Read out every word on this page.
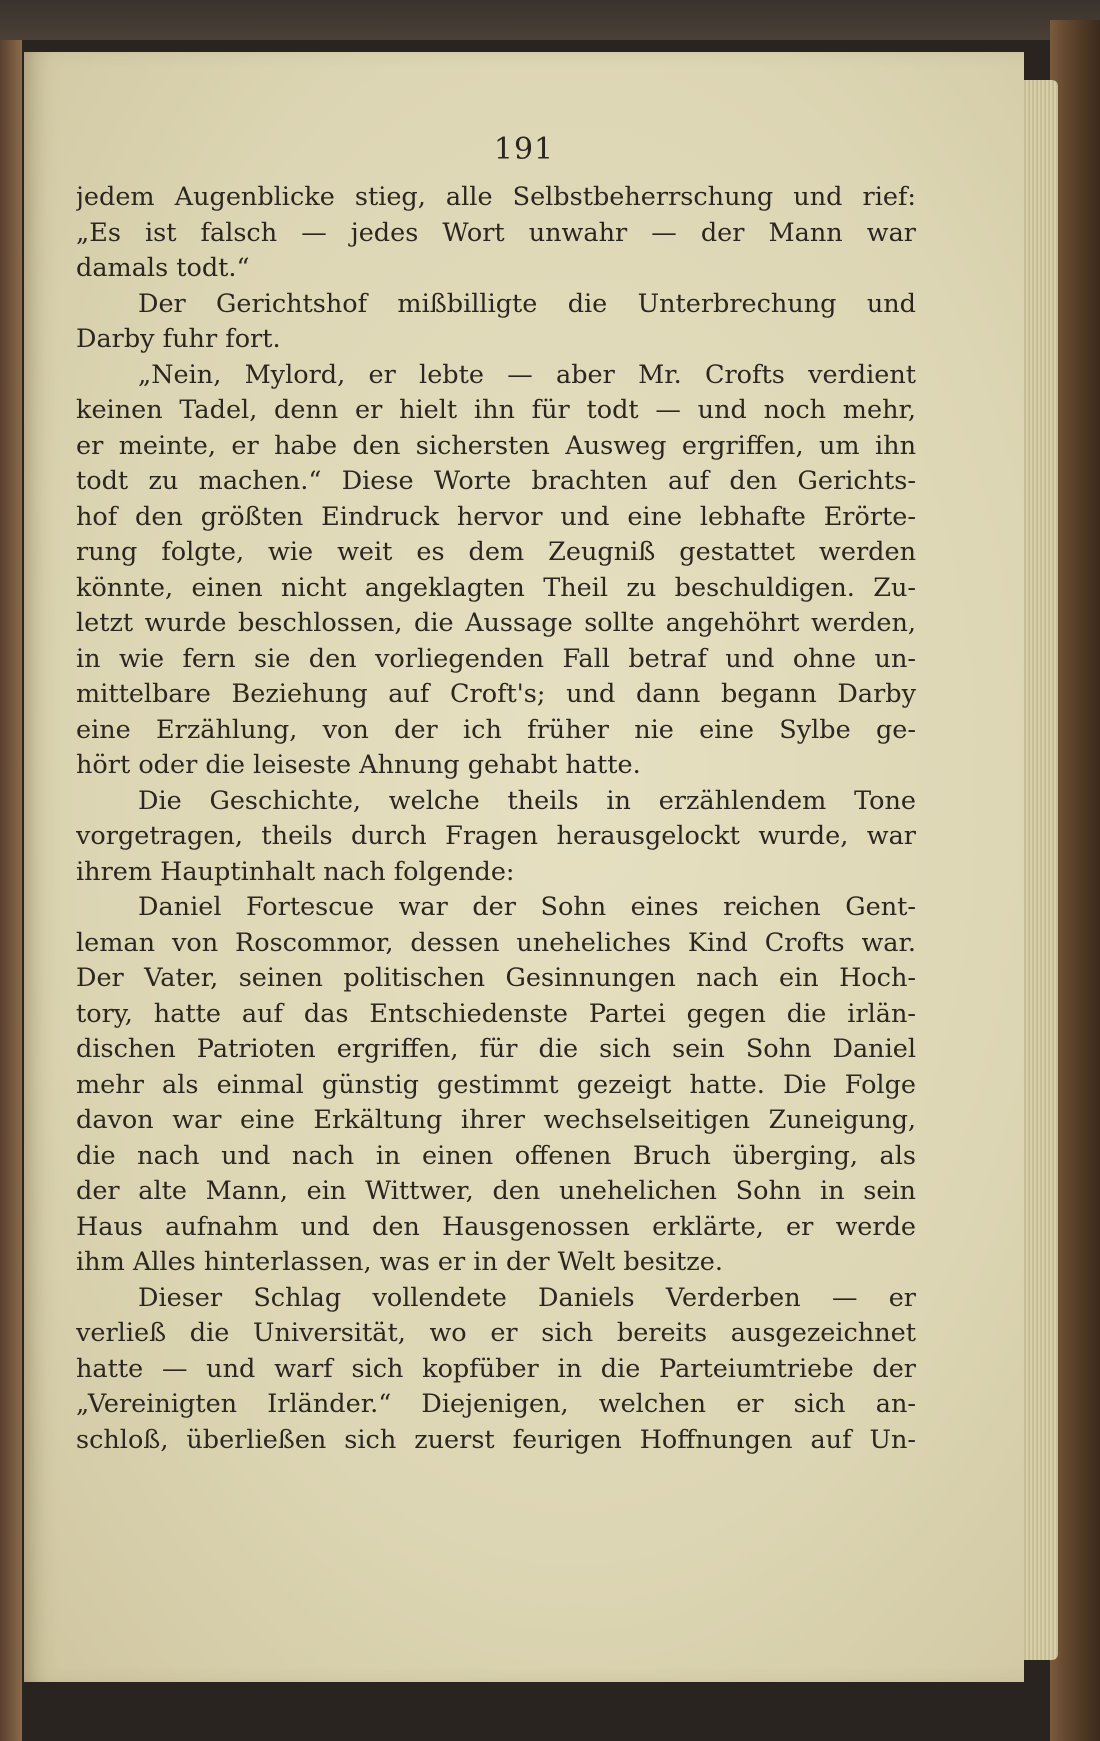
191
jedem Augenblicke stieg, alle Selbstbeherrschung und rief:
„Es ist falsch — jedes Wort unwahr — der Mann war
damals todt.“
Der Gerichtshof mißbilligte die Unterbrechung und
Darby fuhr fort.
„Nein, Mylord, er lebte — aber Mr. Crofts verdient
keinen Tadel, denn er hielt ihn für todt — und noch mehr,
er meinte, er habe den sichersten Ausweg ergriffen, um ihn
todt zu machen.“ Diese Worte brachten auf den Gerichts-
hof den größten Eindruck hervor und eine lebhafte Erörte-
rung folgte, wie weit es dem Zeugniß gestattet werden
könnte, einen nicht angeklagten Theil zu beschuldigen. Zu-
letzt wurde beschlossen, die Aussage sollte angehöhrt werden,
in wie fern sie den vorliegenden Fall betraf und ohne un-
mittelbare Beziehung auf Croft's; und dann begann Darby
eine Erzählung, von der ich früher nie eine Sylbe ge-
hört oder die leiseste Ahnung gehabt hatte.
Die Geschichte, welche theils in erzählendem Tone
vorgetragen, theils durch Fragen herausgelockt wurde, war
ihrem Hauptinhalt nach folgende:
Daniel Fortescue war der Sohn eines reichen Gent-
leman von Roscommor, dessen uneheliches Kind Crofts war.
Der Vater, seinen politischen Gesinnungen nach ein Hoch-
tory, hatte auf das Entschiedenste Partei gegen die irlän-
dischen Patrioten ergriffen, für die sich sein Sohn Daniel
mehr als einmal günstig gestimmt gezeigt hatte. Die Folge
davon war eine Erkältung ihrer wechselseitigen Zuneigung,
die nach und nach in einen offenen Bruch überging, als
der alte Mann, ein Wittwer, den unehelichen Sohn in sein
Haus aufnahm und den Hausgenossen erklärte, er werde
ihm Alles hinterlassen, was er in der Welt besitze.
Dieser Schlag vollendete Daniels Verderben — er
verließ die Universität, wo er sich bereits ausgezeichnet
hatte — und warf sich kopfüber in die Parteiumtriebe der
„Vereinigten Irländer.“ Diejenigen, welchen er sich an-
schloß, überließen sich zuerst feurigen Hoffnungen auf Un-
